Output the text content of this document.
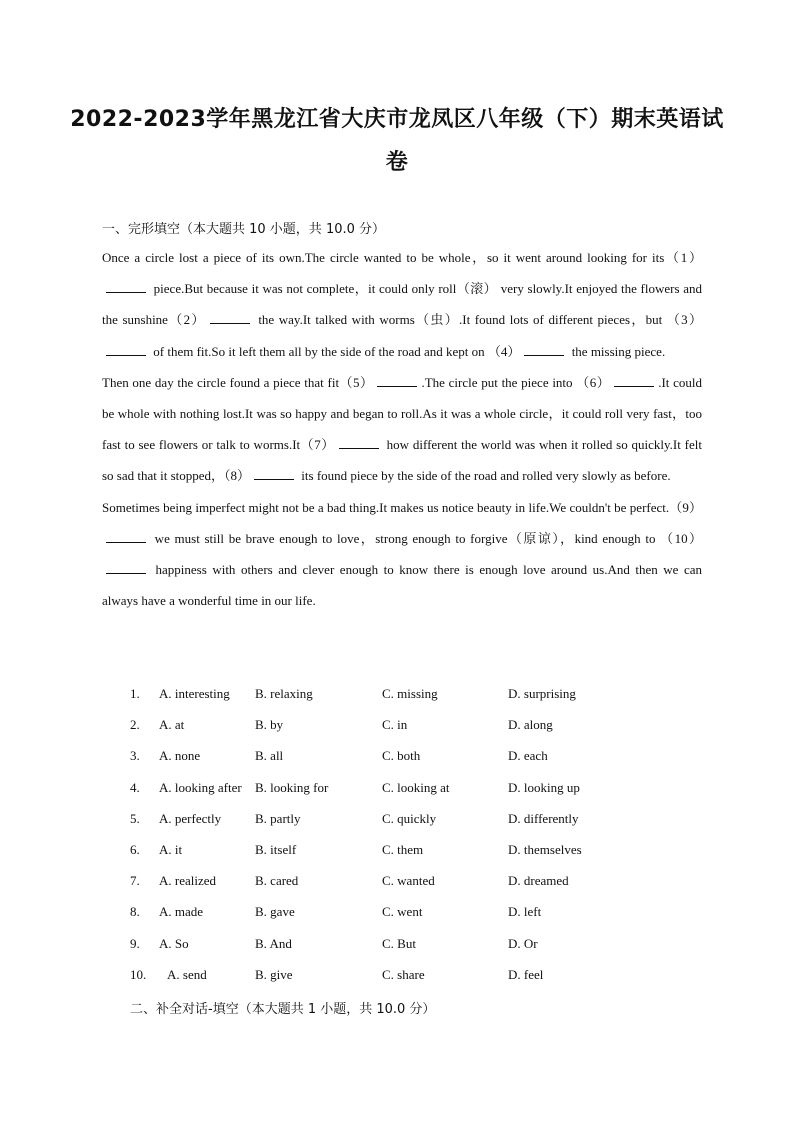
2022-2023学年黑龙江省大庆市龙凤区八年级（下）期末英语试卷
一、完形填空（本大题共 10 小题，共 10.0 分）

Once a circle lost a piece of its own.The circle wanted to be whole，so it went around looking for its（1） piece.But because it was not complete，it could only roll（滚） very slowly.It enjoyed the flowers and the sunshine（2）	the way.It talked with worms（虫）.It found lots of different pieces，but （3） of them fit.So it left them all by the side of the road and kept on （4）	the missing piece.

Then one day the circle found a piece that fit（5）	.The circle put the piece into （6）	.It could be whole with nothing lost.It was so happy and began to roll.As it was a whole circle，it could roll very fast，too fast to see flowers or talk to worms.It（7）	how different the world was when it rolled so quickly.It felt so sad that it stopped，（8）	its found piece by the side of the road and rolled very slowly as before.

Sometimes being imperfect might not be a bad thing.It makes us notice beauty in life.We couldn't be perfect.（9） we must still be brave enough to love，strong enough to forgive（原谅），kind enough to （10） happiness with others and clever enough to know there is enough love around us.And then we can always have a wonderful time in our life.

1. A. interesting B. relaxing	C. missing	D. surprising
2. A. at	B. by	C. in	D. along
3. A. none	B. all	C. both	D. each
4. A. looking after B. looking for	C. looking at	D. looking up
5. A. perfectly	B. partly	C. quickly	D. differently
6. A. it	B. itself	C. them	D. themselves
7. A. realized	B. cared	C. wanted	D. dreamed
8. A. made	B. gave	C. went	D. left
9. A. So	B. And	C. But	D. Or
10. A. send	B. give	C. share	D. feel
二、补全对话-填空（本大题共 1 小题，共 10.0 分）
